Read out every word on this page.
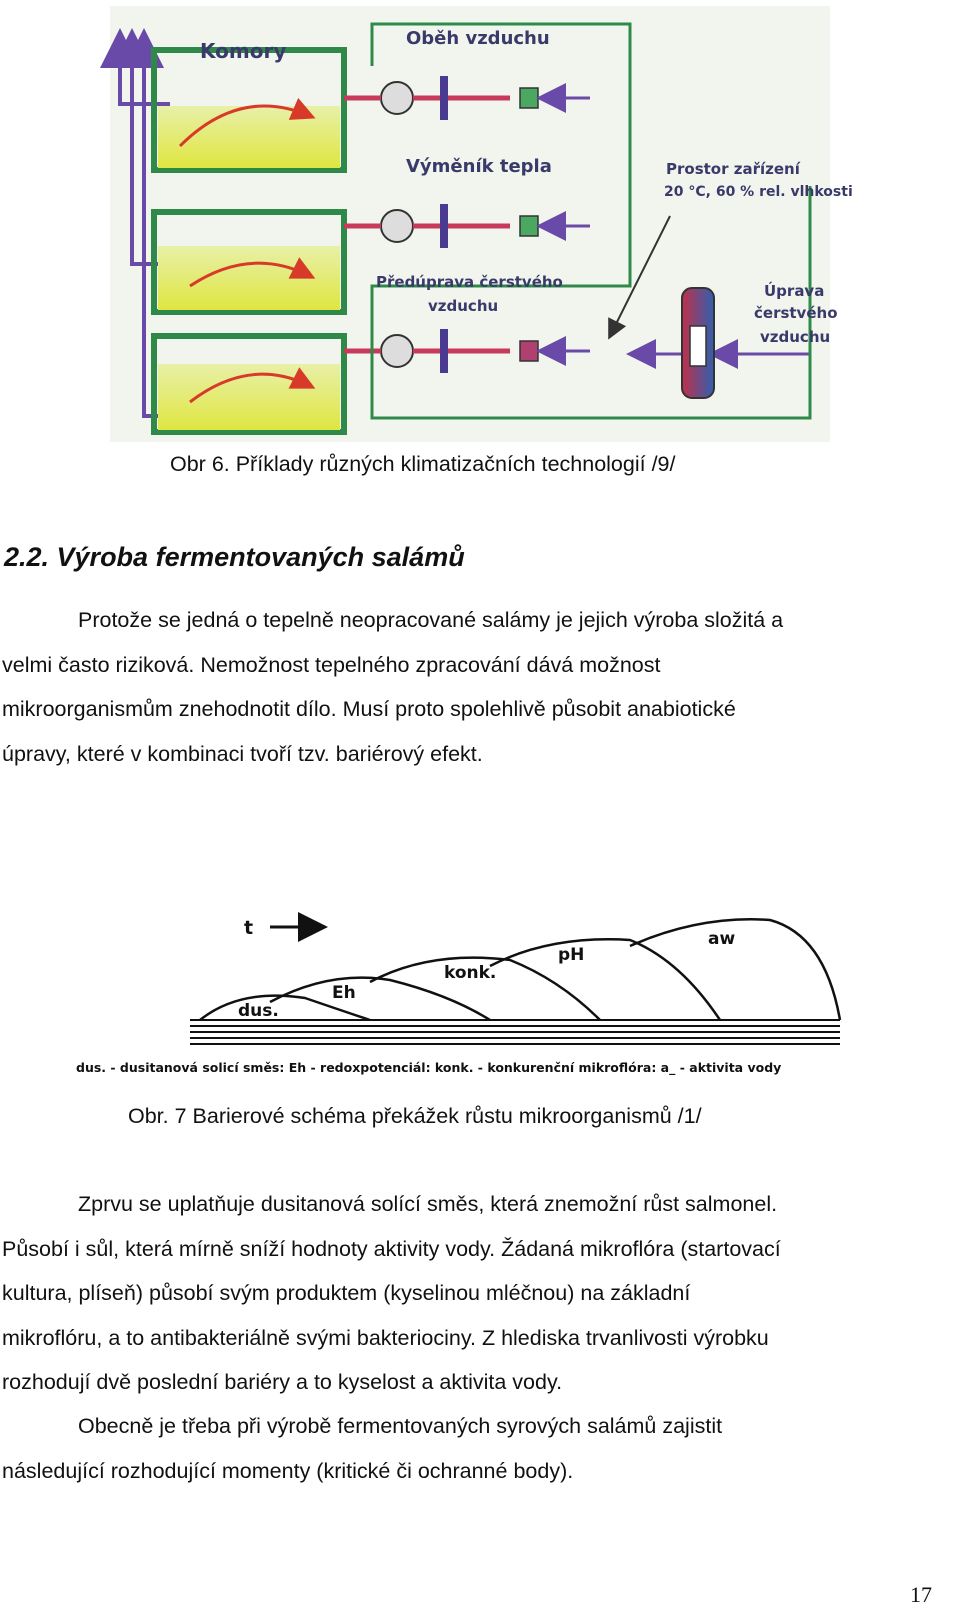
Komory
Oběh vzduchu
Výměník tepla	Prostor zařízení
20 °C, 60 % rel. vlhkosti
Předúprava čerstvého
vzduchu
Úprava
čerstvého
vzduchu
Obr 6. Příklady různých klimatizačních technologií /9/
2.2. Výroba fermentovaných salámů
Protože se jedná o tepelně neopracované salámy je jejich výroba složitá a
velmi často riziková. Nemožnost tepelného zpracování dává možnost
mikroorganismům znehodnotit dílo. Musí proto spolehlivě působit anabiotické
úpravy, které v kombinaci tvoří tzv. bariérový efekt.
t
dus.
Eh
konk.
pH
aw
dus. - dusitanová solicí směs: Eh - redoxpotenciál: konk. - konkurenční mikroflóra: a_ - aktivita vody
Obr. 7 Barierové schéma překážek růstu mikroorganismů /1/
Zprvu se uplatňuje dusitanová solící směs, která znemožní růst salmonel.
Působí i sůl, která mírně sníží hodnoty aktivity vody. Žádaná mikroflóra (startovací
kultura, plíseň) působí svým produktem (kyselinou mléčnou) na základní
mikroflóru, a to antibakteriálně svými bakteriociny. Z hlediska trvanlivosti výrobku
rozhodují dvě poslední bariéry a to kyselost a aktivita vody.
Obecně je třeba při výrobě fermentovaných syrových salámů zajistit
následující rozhodující momenty (kritické či ochranné body).
17
